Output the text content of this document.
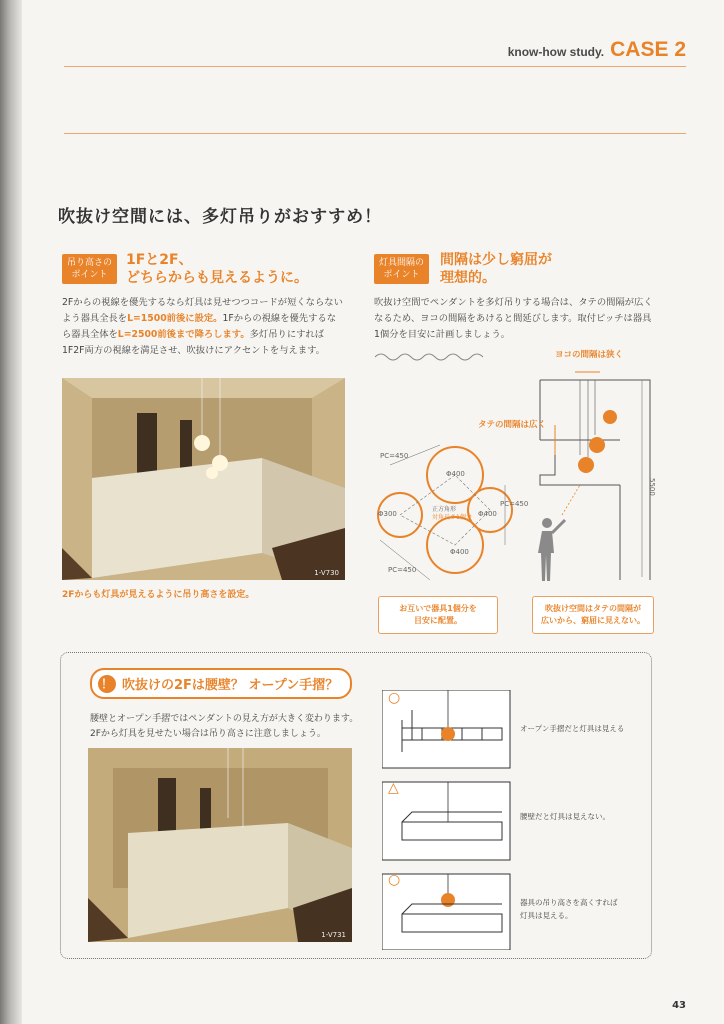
know-how study. CASE 2
吹抜け空間には、多灯吊りがおすすめ！
吊り高さの
ポイント
1Fと2F、
どちらからも見えるように。
2Fからの視線を優先するなら灯具は見せつつコードが短くならないよう器具全長をL=1500前後に設定。1Fからの視線を優先するなら器具全体をL=2500前後まで降ろします。多灯吊りにすれば1F2F両方の視線を満足させ、吹抜けにアクセントを与えます。
1-V730
2Fからも灯具が見えるように吊り高さを設定。
灯具間隔の
ポイント
間隔は少し窮屈が
理想的。
吹抜け空間でペンダントを多灯吊りする場合は、タテの間隔が広くなるため、ヨコの間隔をあけると間延びします。取付ピッチは器具1個分を目安に計画しましょう。
ヨコの間隔は狭く
タテの間隔は広く
5500
PC=450
PC=450
PC=450
Φ400
Φ300	Φ400
Φ400
正方角形
対角長さ1個分
お互いで器具1個分を
目安に配置。
吹抜け空間はタテの間隔が
広いから、窮屈に見えない。
！ 吹抜けの2Fは腰壁？ オープン手摺？
腰壁とオープン手摺ではペンダントの見え方が大きく変わります。
2Fから灯具を見せたい場合は吊り高さに注意しましょう。
1-V731
○
△
○
オープン手摺だと灯具は見える
腰壁だと灯具は見えない。
器具の吊り高さを高くすれば
灯具は見える。
43
